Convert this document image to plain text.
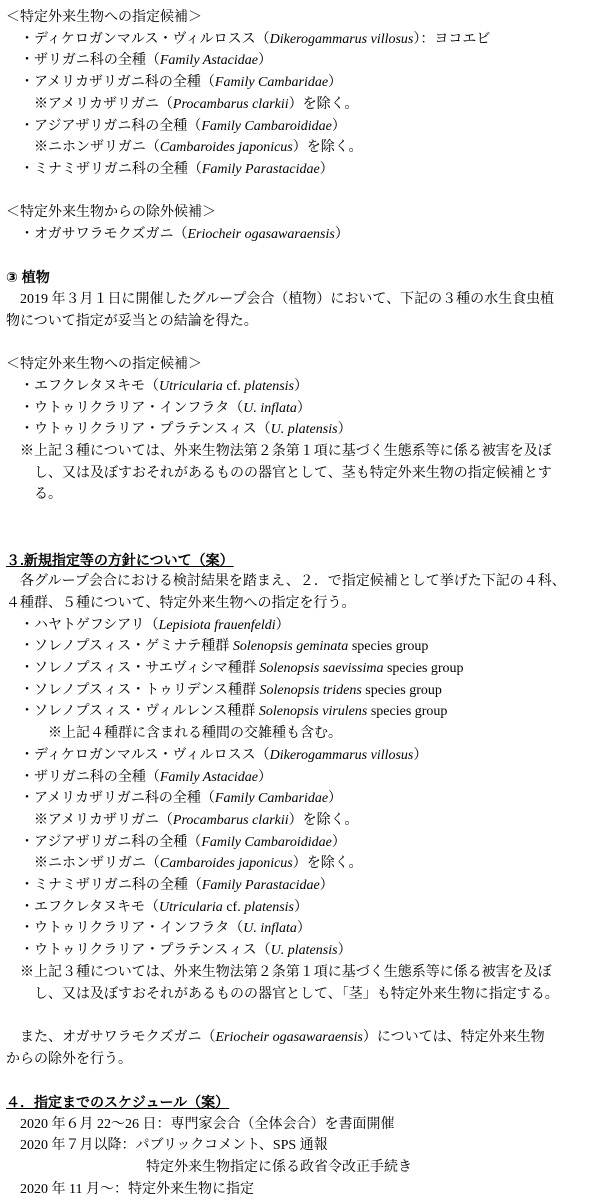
＜特定外来生物への指定候補＞
・ディケロガンマルス・ヴィルロスス（Dikerogammarus villosus）：ヨコエビ
・ザリガニ科の全種（Family Astacidae）
・アメリカザリガニ科の全種（Family Cambaridae）
※アメリカザリガニ（Procambarus clarkii）を除く。
・アジアザリガニ科の全種（Family Cambaroididae）
※ニホンザリガニ（Cambaroides japonicus）を除く。
・ミナミザリガニ科の全種（Family Parastacidae）
＜特定外来生物からの除外候補＞
・オガサワラモクズガニ（Eriocheir ogasawaraensis）
③ 植物
2019 年３月１日に開催したグループ会合（植物）において、下記の３種の水生食虫植
物について指定が妥当との結論を得た。
＜特定外来生物への指定候補＞
・エフクレタヌキモ（Utricularia cf. platensis）
・ウトゥリクラリア・インフラタ（U. inflata）
・ウトゥリクラリア・プラテンスィス（U. platensis）
※上記３種については、外来生物法第２条第１項に基づく生態系等に係る被害を及ぼ
し、又は及ぼすおそれがあるものの器官として、茎も特定外来生物の指定候補とす
る。
３.新規指定等の方針について（案）
各グループ会合における検討結果を踏まえ、２．で指定候補として挙げた下記の４科、
４種群、５種について、特定外来生物への指定を行う。
・ハヤトゲフシアリ（Lepisiota frauenfeldi）
・ソレノプスィス・ゲミナテ種群 Solenopsis geminata species group
・ソレノプスィス・サエヴィシマ種群 Solenopsis saevissima species group
・ソレノプスィス・トゥリデンス種群 Solenopsis tridens species group
・ソレノプスィス・ヴィルレンス種群 Solenopsis virulens species group
※上記４種群に含まれる種間の交雑種も含む。
・ディケロガンマルス・ヴィルロスス（Dikerogammarus villosus）
・ザリガニ科の全種（Family Astacidae）
・アメリカザリガニ科の全種（Family Cambaridae）
※アメリカザリガニ（Procambarus clarkii）を除く。
・アジアザリガニ科の全種（Family Cambaroididae）
※ニホンザリガニ（Cambaroides japonicus）を除く。
・ミナミザリガニ科の全種（Family Parastacidae）
・エフクレタヌキモ（Utricularia cf. platensis）
・ウトゥリクラリア・インフラタ（U. inflata）
・ウトゥリクラリア・プラテンスィス（U. platensis）
※上記３種については、外来生物法第２条第１項に基づく生態系等に係る被害を及ぼ
し、又は及ぼすおそれがあるものの器官として、「茎」も特定外来生物に指定する。
また、オガサワラモクズガニ（Eriocheir ogasawaraensis）については、特定外来生物
からの除外を行う。
４．指定までのスケジュール（案）
2020 年６月 22～26 日：専門家会合（全体会合）を書面開催
2020 年７月以降：パブリックコメント、SPS 通報
特定外来生物指定に係る政省令改正手続き
2020 年 11 月～：特定外来生物に指定
